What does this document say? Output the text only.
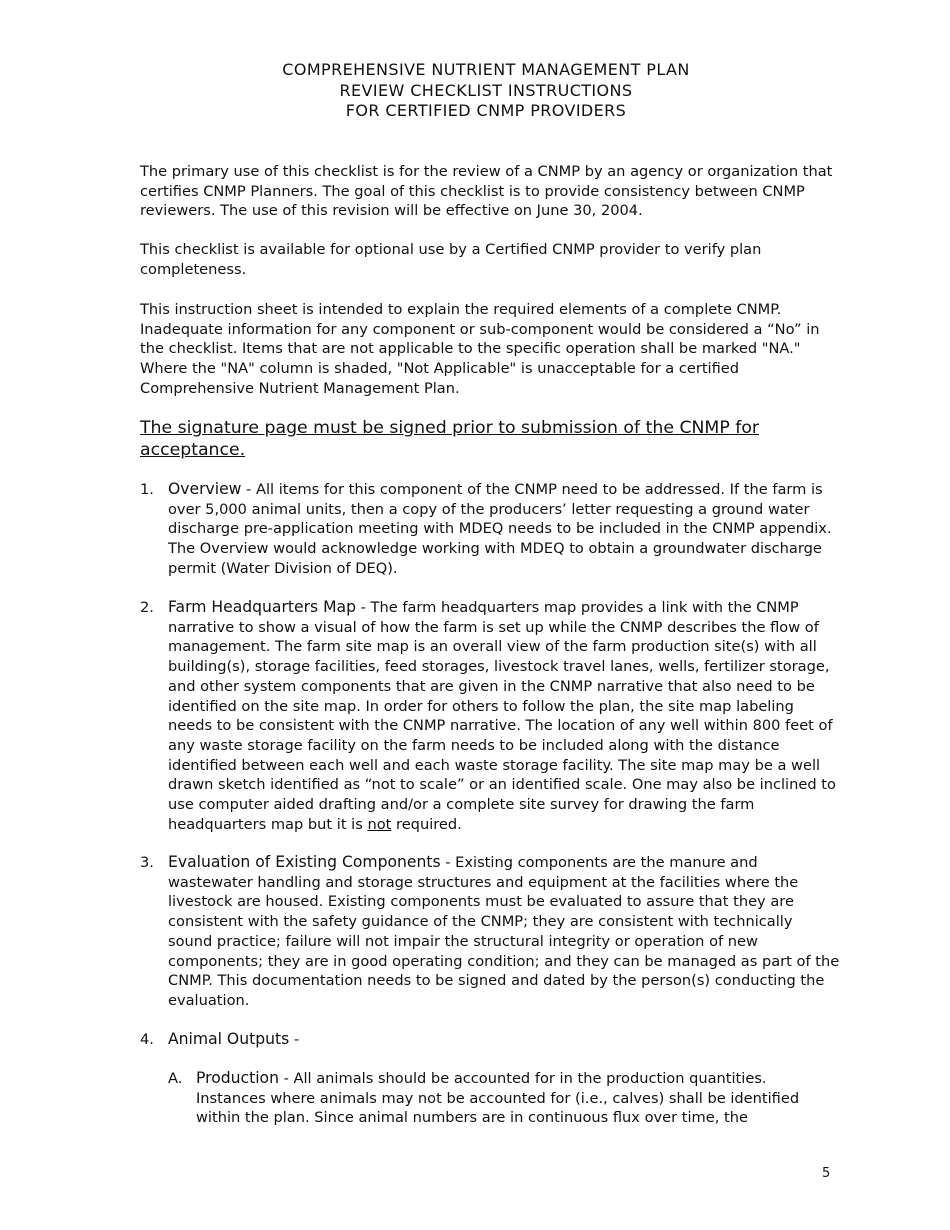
COMPREHENSIVE NUTRIENT MANAGEMENT PLAN
REVIEW CHECKLIST INSTRUCTIONS
FOR CERTIFIED CNMP PROVIDERS

The primary use of this checklist is for the review of a CNMP by an agency or organization that certifies CNMP Planners. The goal of this checklist is to provide consistency between CNMP reviewers. The use of this revision will be effective on June 30, 2004.

This checklist is available for optional use by a Certified CNMP provider to verify plan completeness.

This instruction sheet is intended to explain the required elements of a complete CNMP. Inadequate information for any component or sub-component would be considered a “No” in the checklist. Items that are not applicable to the specific operation shall be marked "NA." Where the "NA" column is shaded, "Not Applicable" is unacceptable for a certified Comprehensive Nutrient Management Plan.

The signature page must be signed prior to submission of the CNMP for acceptance.
1. Overview - All items for this component of the CNMP need to be addressed. If the farm is over 5,000 animal units, then a copy of the producers’ letter requesting a ground water discharge pre-application meeting with MDEQ needs to be included in the CNMP appendix. The Overview would acknowledge working with MDEQ to obtain a groundwater discharge permit (Water Division of DEQ).
2. Farm Headquarters Map - The farm headquarters map provides a link with the CNMP narrative to show a visual of how the farm is set up while the CNMP describes the flow of management. The farm site map is an overall view of the farm production site(s) with all building(s), storage facilities, feed storages, livestock travel lanes, wells, fertilizer storage, and other system components that are given in the CNMP narrative that also need to be identified on the site map. In order for others to follow the plan, the site map labeling needs to be consistent with the CNMP narrative. The location of any well within 800 feet of any waste storage facility on the farm needs to be included along with the distance identified between each well and each waste storage facility. The site map may be a well drawn sketch identified as “not to scale” or an identified scale. One may also be inclined to use computer aided drafting and/or a complete site survey for drawing the farm headquarters map but it is not required.
3. Evaluation of Existing Components - Existing components are the manure and wastewater handling and storage structures and equipment at the facilities where the livestock are housed. Existing components must be evaluated to assure that they are consistent with the safety guidance of the CNMP; they are consistent with technically sound practice; failure will not impair the structural integrity or operation of new components; they are in good operating condition; and they can be managed as part of the CNMP. This documentation needs to be signed and dated by the person(s) conducting the evaluation.
4. Animal Outputs -
A. Production - All animals should be accounted for in the production quantities. Instances where animals may not be accounted for (i.e., calves) shall be identified within the plan. Since animal numbers are in continuous flux over time, the
5
